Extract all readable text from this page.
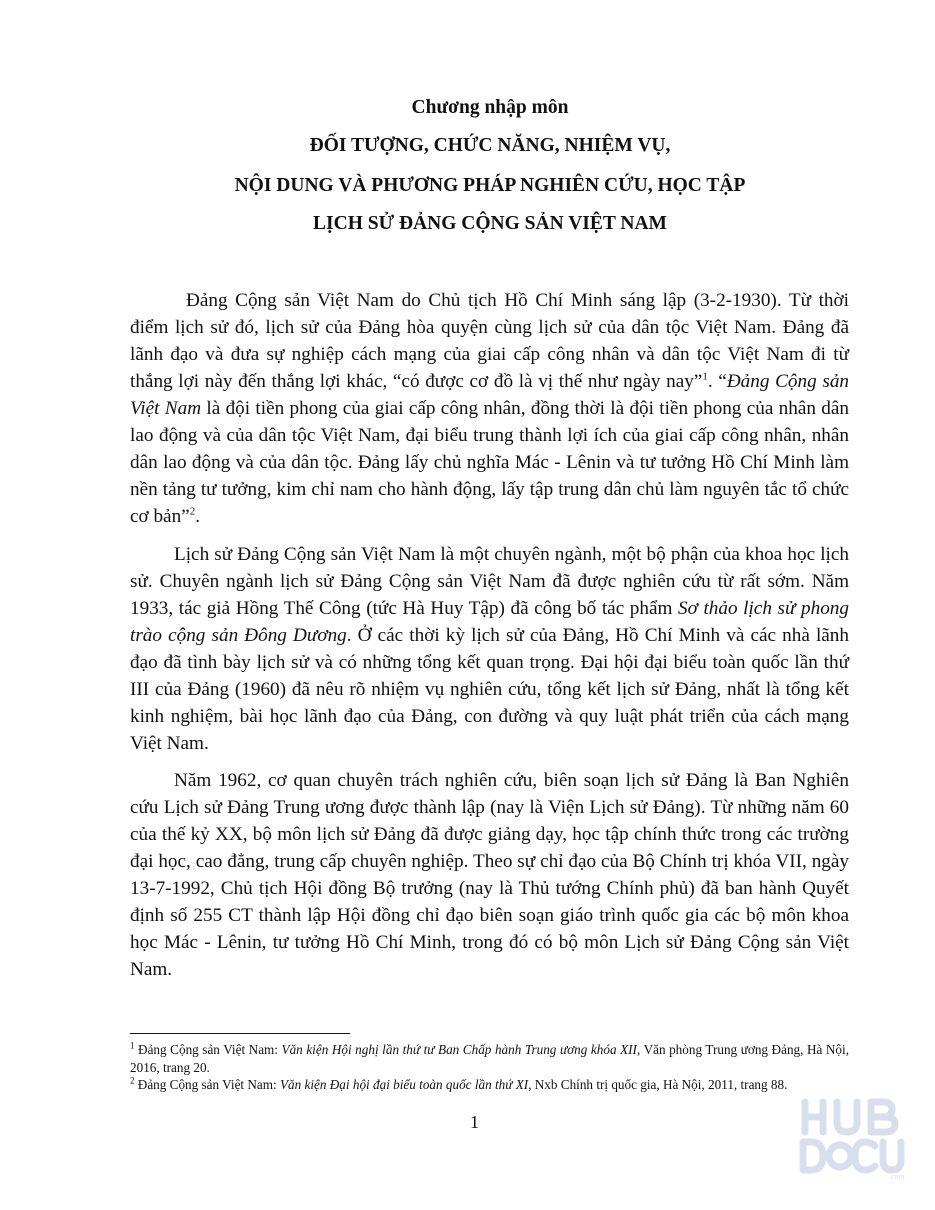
Chương nhập môn
ĐỐI TƯỢNG, CHỨC NĂNG, NHIỆM VỤ,
NỘI DUNG VÀ PHƯƠNG PHÁP NGHIÊN CỨU, HỌC TẬP
LỊCH SỬ ĐẢNG CỘNG SẢN VIỆT NAM

Đảng Cộng sản Việt Nam do Chủ tịch Hồ Chí Minh sáng lập (3-2-1930). Từ thời điểm lịch sử đó, lịch sử của Đảng hòa quyện cùng lịch sử của dân tộc Việt Nam. Đảng đã lãnh đạo và đưa sự nghiệp cách mạng của giai cấp công nhân và dân tộc Việt Nam đi từ thắng lợi này đến thắng lợi khác, “có được cơ đồ là vị thế như ngày nay”$^1$. “Đảng Cộng sản Việt Nam là đội tiền phong của giai cấp công nhân, đồng thời là đội tiền phong của nhân dân lao động và của dân tộc Việt Nam, đại biểu trung thành lợi ích của giai cấp công nhân, nhân dân lao động và của dân tộc. Đảng lấy chủ nghĩa Mác - Lênin và tư tưởng Hồ Chí Minh làm nền tảng tư tưởng, kim chỉ nam cho hành động, lấy tập trung dân chủ làm nguyên tắc tổ chức cơ bản”$^2$.

Lịch sử Đảng Cộng sản Việt Nam là một chuyên ngành, một bộ phận của khoa học lịch sử. Chuyên ngành lịch sử Đảng Cộng sản Việt Nam đã được nghiên cứu từ rất sớm. Năm 1933, tác giả Hồng Thế Công (tức Hà Huy Tập) đã công bố tác phẩm Sơ thảo lịch sử phong trào cộng sản Đông Dương. Ở các thời kỳ lịch sử của Đảng, Hồ Chí Minh và các nhà lãnh đạo đã tình bày lịch sử và có những tổng kết quan trọng. Đại hội đại biểu toàn quốc lần thứ III của Đảng (1960) đã nêu rõ nhiệm vụ nghiên cứu, tổng kết lịch sử Đảng, nhất là tổng kết kinh nghiệm, bài học lãnh đạo của Đảng, con đường và quy luật phát triển của cách mạng Việt Nam.

Năm 1962, cơ quan chuyên trách nghiên cứu, biên soạn lịch sử Đảng là Ban Nghiên cứu Lịch sử Đảng Trung ương được thành lập (nay là Viện Lịch sử Đảng). Từ những năm 60 của thế kỷ XX, bộ môn lịch sử Đảng đã được giảng dạy, học tập chính thức trong các trường đại học, cao đẳng, trung cấp chuyên nghiệp. Theo sự chỉ đạo của Bộ Chính trị khóa VII, ngày 13-7-1992, Chủ tịch Hội đồng Bộ trưởng (nay là Thủ tướng Chính phủ) đã ban hành Quyết định số 255 CT thành lập Hội đồng chỉ đạo biên soạn giáo trình quốc gia các bộ môn khoa học Mác - Lênin, tư tưởng Hồ Chí Minh, trong đó có bộ môn Lịch sử Đảng Cộng sản Việt Nam.

$^1$ Đảng Cộng sản Việt Nam: Văn kiện Hội nghị lần thứ tư Ban Chấp hành Trung ương khóa XII, Văn phòng Trung ương Đảng, Hà Nội, 2016, trang 20.

$^2$ Đảng Cộng sản Việt Nam: Văn kiện Đại hội đại biểu toàn quốc lần thứ XI, Nxb Chính trị quốc gia, Hà Nội, 2011, trang 88.

1
.com
